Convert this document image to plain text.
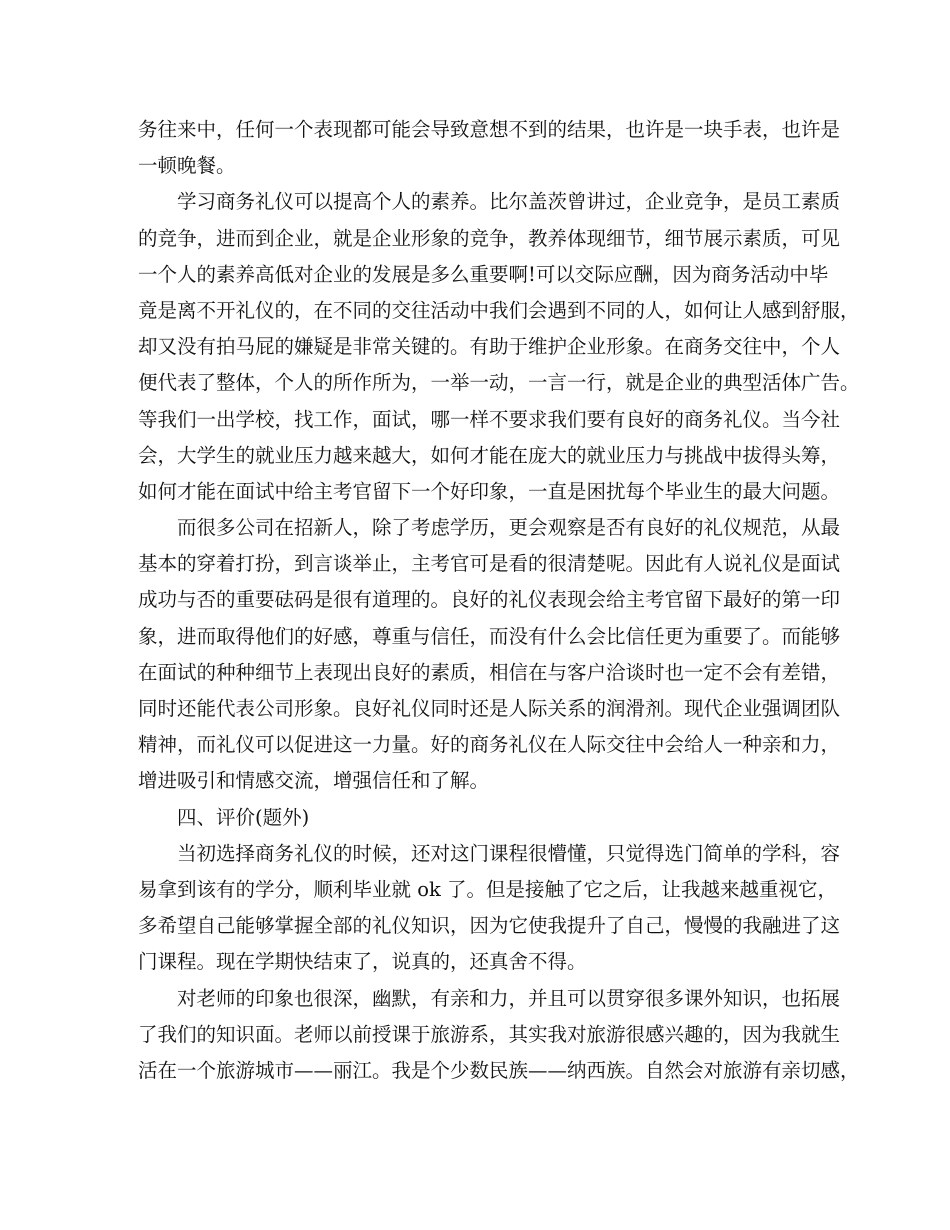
务往来中，任何一个表现都可能会导致意想不到的结果，也许是一块手表，也许是
一顿晚餐。
学习商务礼仪可以提高个人的素养。比尔盖茨曾讲过，企业竞争，是员工素质
的竞争，进而到企业，就是企业形象的竞争，教养体现细节，细节展示素质，可见
一个人的素养高低对企业的发展是多么重要啊!可以交际应酬，因为商务活动中毕
竟是离不开礼仪的，在不同的交往活动中我们会遇到不同的人，如何让人感到舒服，
却又没有拍马屁的嫌疑是非常关键的。有助于维护企业形象。在商务交往中，个人
便代表了整体，个人的所作所为，一举一动，一言一行，就是企业的典型活体广告。
等我们一出学校，找工作，面试，哪一样不要求我们要有良好的商务礼仪。当今社
会，大学生的就业压力越来越大，如何才能在庞大的就业压力与挑战中拔得头筹，
如何才能在面试中给主考官留下一个好印象，一直是困扰每个毕业生的最大问题。
而很多公司在招新人，除了考虑学历，更会观察是否有良好的礼仪规范，从最
基本的穿着打扮，到言谈举止，主考官可是看的很清楚呢。因此有人说礼仪是面试
成功与否的重要砝码是很有道理的。良好的礼仪表现会给主考官留下最好的第一印
象，进而取得他们的好感，尊重与信任，而没有什么会比信任更为重要了。而能够
在面试的种种细节上表现出良好的素质，相信在与客户洽谈时也一定不会有差错，
同时还能代表公司形象。良好礼仪同时还是人际关系的润滑剂。现代企业强调团队
精神，而礼仪可以促进这一力量。好的商务礼仪在人际交往中会给人一种亲和力，
增进吸引和情感交流，增强信任和了解。
四、评价(题外)
当初选择商务礼仪的时候，还对这门课程很懵懂，只觉得选门简单的学科，容
易拿到该有的学分，顺利毕业就 ok 了。但是接触了它之后，让我越来越重视它，
多希望自己能够掌握全部的礼仪知识，因为它使我提升了自己，慢慢的我融进了这
门课程。现在学期快结束了，说真的，还真舍不得。
对老师的印象也很深，幽默，有亲和力，并且可以贯穿很多课外知识，也拓展
了我们的知识面。老师以前授课于旅游系，其实我对旅游很感兴趣的，因为我就生
活在一个旅游城市——丽江。我是个少数民族——纳西族。自然会对旅游有亲切感，
